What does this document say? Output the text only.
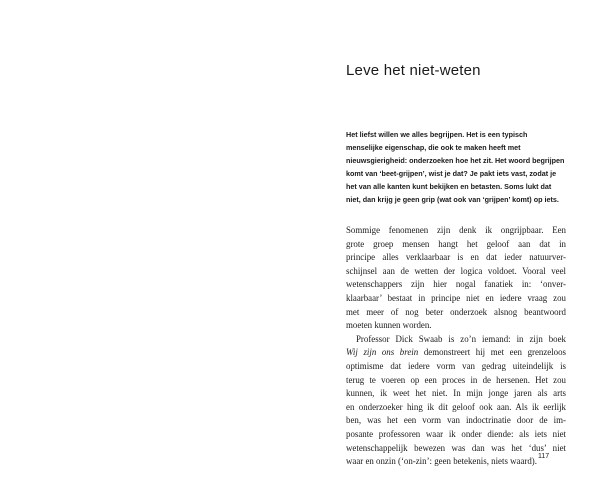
Leve het niet-weten

Het liefst willen we alles begrijpen. Het is een typisch menselijke eigenschap, die ook te maken heeft met nieuwsgierigheid: onderzoeken hoe het zit. Het woord begrijpen komt van ‘beet-grijpen’, wist je dat? Je pakt iets vast, zodat je het van alle kanten kunt bekijken en betasten. Soms lukt dat niet, dan krijg je geen grip (wat ook van ‘grijpen’ komt) op iets.

Sommige fenomenen zijn denk ik ongrijpbaar. Een
grote groep mensen hangt het geloof aan dat in
principe alles verklaarbaar is en dat ieder natuurver-
schijnsel aan de wetten der logica voldoet. Vooral veel
wetenschappers zijn hier nogal fanatiek in: ‘onver-
klaarbaar’ bestaat in principe niet en iedere vraag zou
met meer of nog beter onderzoek alsnog beantwoord
moeten kunnen worden.

Professor Dick Swaab is zo’n iemand: in zijn boek
Wij zijn ons brein demonstreert hij met een grenzeloos
optimisme dat iedere vorm van gedrag uiteindelijk is
terug te voeren op een proces in de hersenen. Het zou
kunnen, ik weet het niet. In mijn jonge jaren als arts
en onderzoeker hing ik dit geloof ook aan. Als ik eerlijk
ben, was het een vorm van indoctrinatie door de im-
posante professoren waar ik onder diende: als iets niet
wetenschappelijk bewezen was dan was het ‘dus’ niet
waar en onzin (‘on-zin’: geen betekenis, niets waard). 117
